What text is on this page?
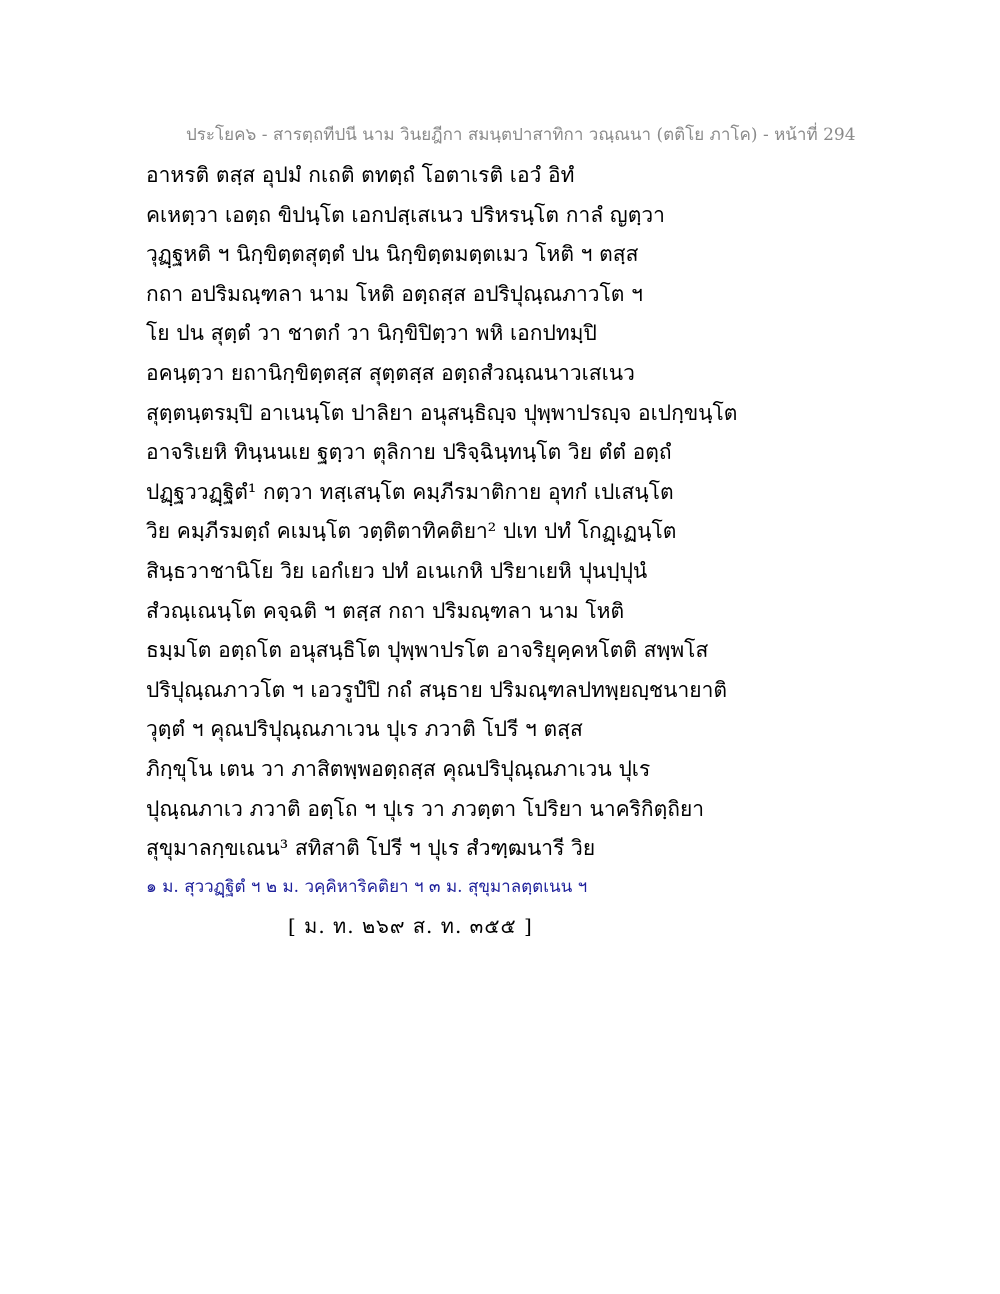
ประโยค๖ - สารตฺถทีปนี นาม วินยฎีกา สมนฺตปาสาทิกา วณฺณนา (ตติโย ภาโค) - หน้าที่ 294
อาหรติ ตสฺส อุปมํ กเถติ ตทตฺถํ โอตาเรติ เอวํ อิทํ
คเหตฺวา เอตฺถ ขิปนฺโต เอกปสฺเสเนว ปริหรนฺโต กาลํ ญตฺวา
วุฏฺฐหติ ฯ นิกฺขิตฺตสุตฺตํ ปน นิกฺขิตฺตมตฺตเมว โหติ ฯ ตสฺส
กถา อปริมณฺฑลา นาม โหติ อตฺถสฺส อปริปุณฺณภาวโต ฯ
โย ปน สุตฺตํ วา ชาตกํ วา นิกฺขิปิตฺวา พหิ เอกปทมฺปิ
อคนฺตฺวา ยถานิกฺขิตฺตสฺส สุตฺตสฺส อตฺถสํวณฺณนาวเสเนว
สุตฺตนฺตรมฺปิ อาเนนฺโต ปาลิยา อนุสนฺธิญฺจ ปุพฺพาปรญฺจ อเปกฺขนฺโต
อาจริเยหิ ทินฺนนเย ฐตฺวา ตุลิกาย ปริจฺฉินฺทนฺโต วิย ตํตํ อตฺถํ
ปฏฺฐววฏฺฐิตํ¹ กตฺวา ทสฺเสนฺโต คมฺภีรมาติกาย อุทกํ เปเสนฺโต
วิย คมฺภีรมตฺถํ คเมนฺโต วตฺติตาทิคติยา² ปเท ปทํ โกฏฺเฏนฺโต
สินฺธวาชานิโย วิย เอกํเยว ปทํ อเนเกหิ ปริยาเยหิ ปุนปฺปุนํ
สํวณฺเณนฺโต คจฺฉติ ฯ ตสฺส กถา ปริมณฺฑลา นาม โหติ
ธมฺมโต อตฺถโต อนุสนฺธิโต ปุพฺพาปรโต อาจริยุคฺคหโตติ สพฺพโส
ปริปุณฺณภาวโต ฯ เอวรูปํปิ กถํ สนฺธาย ปริมณฺฑลปทพฺยญฺชนายาติ
วุตฺตํ ฯ คุณปริปุณฺณภาเวน ปุเร ภวาติ โปรี ฯ ตสฺส
ภิกฺขุโน เตน วา ภาสิตพฺพอตฺถสฺส คุณปริปุณฺณภาเวน ปุเร
ปุณฺณภาเว ภวาติ อตฺโถ ฯ ปุเร วา ภวตฺตา โปริยา นาคริกิตฺถิยา
สุขุมาลกฺขเณน³ สทิสาติ โปรี ฯ ปุเร สํวฑฺฒนารี วิย
๑ ม. สุววฏฺฐิตํ ฯ ๒ ม. วคฺคิหาริคติยา ฯ ๓ ม. สุขุมาลตฺตเนน ฯ
[ ม. ท. ๒๖๙ ส. ท. ๓๕๕ ]
